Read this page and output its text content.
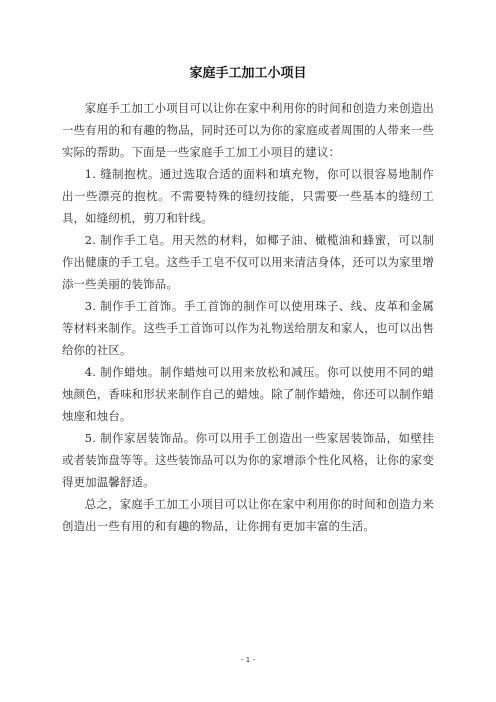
家庭手工加工小项目

家庭手工加工小项目可以让你在家中利用你的时间和创造力来创造出一些有用的和有趣的物品，同时还可以为你的家庭或者周围的人带来一些实际的帮助。下面是一些家庭手工加工小项目的建议：

1. 缝制抱枕。通过选取合适的面料和填充物，你可以很容易地制作出一些漂亮的抱枕。不需要特殊的缝纫技能，只需要一些基本的缝纫工具，如缝纫机，剪刀和针线。

2. 制作手工皂。用天然的材料，如椰子油、橄榄油和蜂蜜，可以制作出健康的手工皂。这些手工皂不仅可以用来清洁身体，还可以为家里增添一些美丽的装饰品。

3. 制作手工首饰。手工首饰的制作可以使用珠子、线、皮革和金属等材料来制作。这些手工首饰可以作为礼物送给朋友和家人，也可以出售给你的社区。

4. 制作蜡烛。制作蜡烛可以用来放松和减压。你可以使用不同的蜡烛颜色，香味和形状来制作自己的蜡烛。除了制作蜡烛，你还可以制作蜡烛座和烛台。

5. 制作家居装饰品。你可以用手工创造出一些家居装饰品，如壁挂或者装饰盘等等。这些装饰品可以为你的家增添个性化风格，让你的家变得更加温馨舒适。

总之，家庭手工加工小项目可以让你在家中利用你的时间和创造力来创造出一些有用的和有趣的物品，让你拥有更加丰富的生活。

- 1 -
